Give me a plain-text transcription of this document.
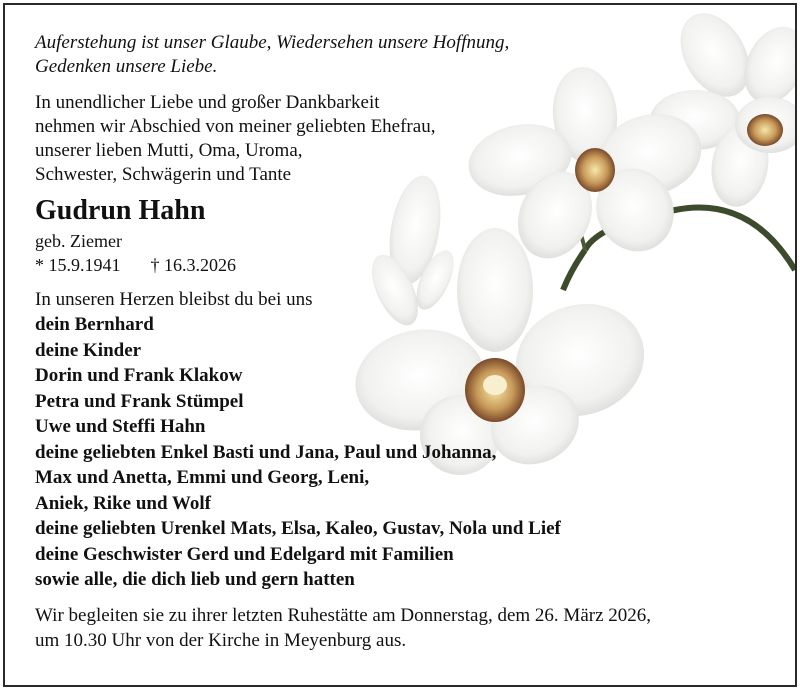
Auferstehung ist unser Glaube, Wiedersehen unsere Hoffnung,
Gedenken unsere Liebe.

In unendlicher Liebe und großer Dankbarkeit
nehmen wir Abschied von meiner geliebten Ehefrau,
unserer lieben Mutti, Oma, Uroma,
Schwester, Schwägerin und Tante

Gudrun Hahn

geb. Ziemer

* 15.9.1941 † 16.3.2026

In unseren Herzen bleibst du bei uns

dein Bernhard
deine Kinder
Dorin und Frank Klakow
Petra und Frank Stümpel
Uwe und Steffi Hahn
deine geliebten Enkel Basti und Jana, Paul und Johanna,
Max und Anetta, Emmi und Georg, Leni,
Aniek, Rike und Wolf
deine geliebten Urenkel Mats, Elsa, Kaleo, Gustav, Nola und Lief
deine Geschwister Gerd und Edelgard mit Familien
sowie alle, die dich lieb und gern hatten

Wir begleiten sie zu ihrer letzten Ruhestätte am Donnerstag, dem 26. März 2026,
um 10.30 Uhr von der Kirche in Meyenburg aus.
